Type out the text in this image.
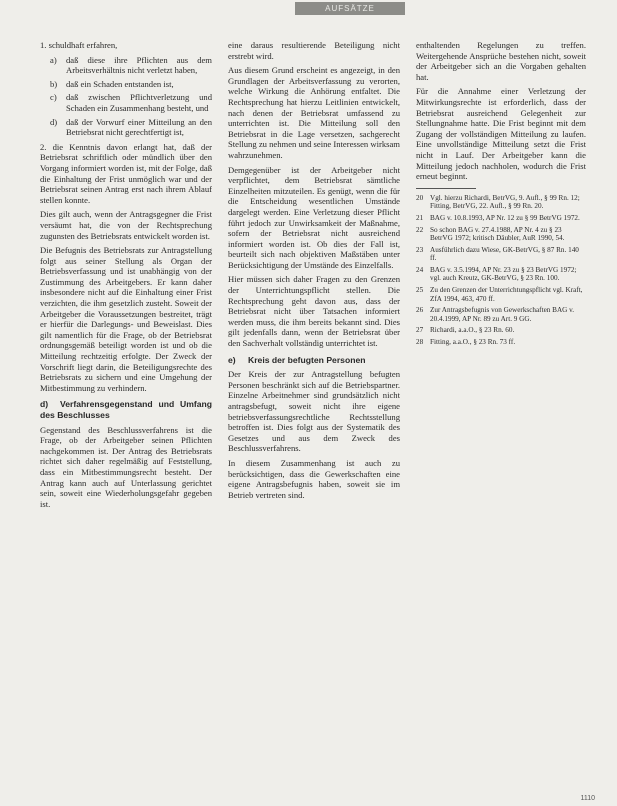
AUFSÄTZE

1. schuldhaft erfahren,

a)	daß diese ihre Pflichten aus dem Arbeitsverhältnis nicht verletzt haben,
b)	daß ein Schaden entstanden ist,
c)	daß zwischen Pflichtverletzung und Schaden ein Zusammenhang besteht, und
d)	daß der Vorwurf einer Mitteilung an den Betriebsrat nicht gerechtfertigt ist,

2. die Kenntnis davon erlangt hat, daß der Betriebsrat schriftlich oder mündlich über den Vorgang informiert worden ist, mit der Folge, daß die Einhaltung der Frist unmöglich war und der Betriebsrat seinen Antrag erst nach ihrem Ablauf stellen konnte.

Dies gilt auch, wenn der Antragsgegner die Frist versäumt hat, die von der Rechtsprechung zugunsten des Betriebsrats entwickelt worden ist.

Die Befugnis des Betriebsrats zur Antragstellung folgt aus seiner Stellung als Organ der Betriebsverfassung und ist unabhängig von der Zustimmung des Arbeitgebers. Er kann daher insbesondere nicht auf die Einhaltung einer Frist verzichten, die ihm gesetzlich zusteht. Soweit der Arbeitgeber die Voraussetzungen bestreitet, trägt er hierfür die Darlegungs- und Beweislast. Dies gilt namentlich für die Frage, ob der Betriebsrat ordnungsgemäß beteiligt worden ist und ob die Mitteilung rechtzeitig erfolgte. Der Zweck der Vorschrift liegt darin, die Beteiligungsrechte des Betriebsrats zu sichern und eine Umgehung der Mitbestimmung zu verhindern.

d) Verfahrensgegenstand und Umfang des Beschlusses

Gegenstand des Beschlussverfahrens ist die Frage, ob der Arbeitgeber seinen Pflichten nachgekommen ist. Der Antrag des Betriebsrats richtet sich daher regelmäßig auf Feststellung, dass ein Mitbestimmungsrecht besteht. Der Antrag kann auch auf Unterlassung gerichtet sein, soweit eine Wiederholungsgefahr gegeben ist.

eine daraus resultierende Beteiligung nicht erstrebt wird.

Aus diesem Grund erscheint es angezeigt, in den Grundlagen der Arbeitsverfassung zu verorten, welche Wirkung die Anhörung entfaltet. Die Rechtsprechung hat hierzu Leitlinien entwickelt, nach denen der Betriebsrat umfassend zu unterrichten ist. Die Mitteilung soll den Betriebsrat in die Lage versetzen, sachgerecht Stellung zu nehmen und seine Interessen wirksam wahrzunehmen.

Demgegenüber ist der Arbeitgeber nicht verpflichtet, dem Betriebsrat sämtliche Einzelheiten mitzuteilen. Es genügt, wenn die für die Entscheidung wesentlichen Umstände dargelegt werden. Eine Verletzung dieser Pflicht führt jedoch zur Unwirksamkeit der Maßnahme, sofern der Betriebsrat nicht ausreichend informiert worden ist. Ob dies der Fall ist, beurteilt sich nach objektiven Maßstäben unter Berücksichtigung der Umstände des Einzelfalls.

Hier müssen sich daher Fragen zu den Grenzen der Unterrichtungspflicht stellen. Die Rechtsprechung geht davon aus, dass der Betriebsrat nicht über Tatsachen informiert werden muss, die ihm bereits bekannt sind. Dies gilt jedenfalls dann, wenn der Betriebsrat über den Sachverhalt vollständig unterrichtet ist.

e) Kreis der befugten Personen

Der Kreis der zur Antragstellung befugten Personen beschränkt sich auf die Betriebspartner. Einzelne Arbeitnehmer sind grundsätzlich nicht antragsbefugt, soweit nicht ihre eigene betriebsverfassungsrechtliche Rechtsstellung betroffen ist. Dies folgt aus der Systematik des Gesetzes und aus dem Zweck des Beschlussverfahrens.

In diesem Zusammenhang ist auch zu berücksichtigen, dass die Gewerkschaften eine eigene Antragsbefugnis haben, soweit sie im Betrieb vertreten sind.

enthaltenden Regelungen zu treffen. Weitergehende Ansprüche bestehen nicht, soweit der Arbeitgeber sich an die Vorgaben gehalten hat.

Für die Annahme einer Verletzung der Mitwirkungsrechte ist erforderlich, dass der Betriebsrat ausreichend Gelegenheit zur Stellungnahme hatte. Die Frist beginnt mit dem Zugang der vollständigen Mitteilung zu laufen. Eine unvollständige Mitteilung setzt die Frist nicht in Lauf. Der Arbeitgeber kann die Mitteilung jedoch nachholen, wodurch die Frist erneut beginnt.

20 Vgl. hierzu Richardi, BetrVG, 9. Aufl., § 99 Rn. 12; Fitting, BetrVG, 22. Aufl., § 99 Rn. 20.
21 BAG v. 10.8.1993, AP Nr. 12 zu § 99 BetrVG 1972.
22 So schon BAG v. 27.4.1988, AP Nr. 4 zu § 23 BetrVG 1972; kritisch Däubler, AuR 1990, 54.
23 Ausführlich dazu Wiese, GK-BetrVG, § 87 Rn. 140 ff.
24 BAG v. 3.5.1994, AP Nr. 23 zu § 23 BetrVG 1972; vgl. auch Kreutz, GK-BetrVG, § 23 Rn. 100.
25 Zu den Grenzen der Unterrichtungspflicht vgl. Kraft, ZfA 1994, 463, 470 ff.
26 Zur Antragsbefugnis von Gewerkschaften BAG v. 20.4.1999, AP Nr. 89 zu Art. 9 GG.
27 Richardi, a.a.O., § 23 Rn. 60.
28 Fitting, a.a.O., § 23 Rn. 73 ff.
1110
